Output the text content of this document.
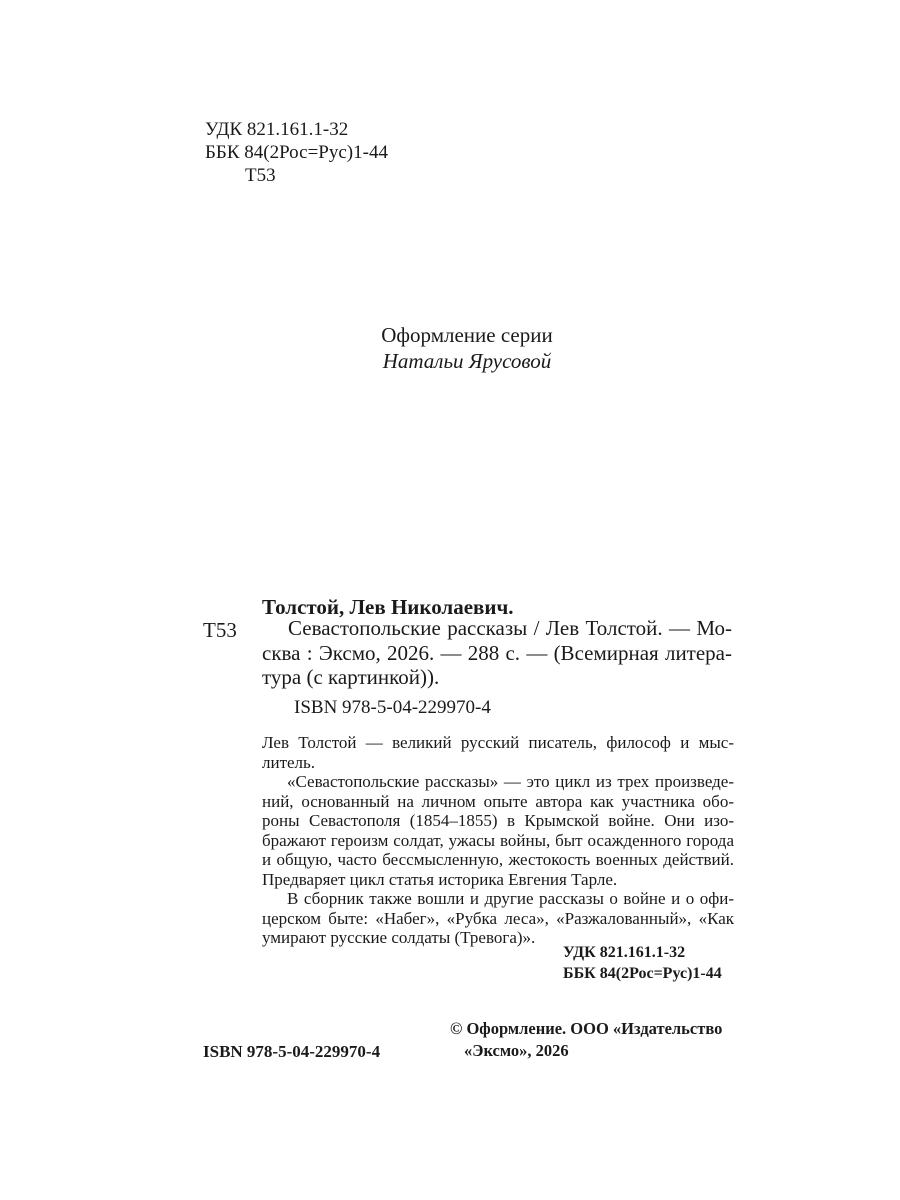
УДК 821.161.1-32
ББК 84(2Рос=Рус)1-44
Т53
Оформление серии
Натальи Ярусовой
Толстой, Лев Николаевич.
Т53	Севастопольские рассказы / Лев Толстой. — Мо-
сква : Эксмо, 2026. — 288 с. — (Всемирная литера-
тура (с картинкой)).
ISBN 978-5-04-229970-4
Лев Толстой — великий русский писатель, философ и мыс-
литель.
«Севастопольские рассказы» — это цикл из трех произведе-
ний, основанный на личном опыте автора как участника обо-
роны Севастополя (1854–1855) в Крымской войне. Они изо-
бражают героизм солдат, ужасы войны, быт осажденного города
и общую, часто бессмысленную, жестокость военных действий.
Предваряет цикл статья историка Евгения Тарле.
В сборник также вошли и другие рассказы о войне и о офи-
церском быте: «Набег», «Рубка леса», «Разжалованный», «Как
умирают русские солдаты (Тревога)».
УДК 821.161.1-32
ББК 84(2Рос=Рус)1-44
© Оформление. ООО «Издательство
«Эксмо», 2026
ISBN 978-5-04-229970-4
